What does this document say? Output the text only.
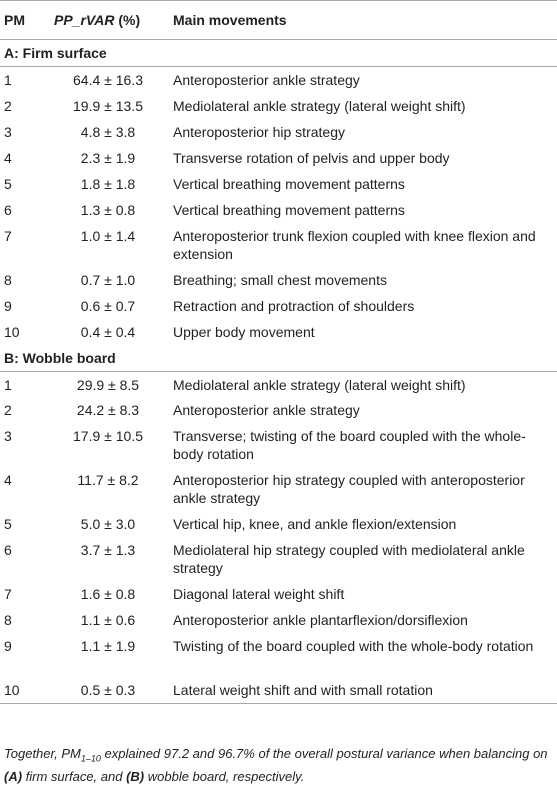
PM	PP_rVAR (%)	Main movements
A: Firm surface		
1	64.4 ± 16.3	Anteroposterior ankle strategy
2	19.9 ± 13.5	Mediolateral ankle strategy (lateral weight shift)
3	4.8 ± 3.8	Anteroposterior hip strategy
4	2.3 ± 1.9	Transverse rotation of pelvis and upper body
5	1.8 ± 1.8	Vertical breathing movement patterns
6	1.3 ± 0.8	Vertical breathing movement patterns
7	1.0 ± 1.4	Anteroposterior trunk flexion coupled with knee flexion and extension
8	0.7 ± 1.0	Breathing; small chest movements
9	0.6 ± 0.7	Retraction and protraction of shoulders
10	0.4 ± 0.4	Upper body movement
B: Wobble board		
1	29.9 ± 8.5	Mediolateral ankle strategy (lateral weight shift)
2	24.2 ± 8.3	Anteroposterior ankle strategy
3	17.9 ± 10.5	Transverse; twisting of the board coupled with the whole-body rotation
4	11.7 ± 8.2	Anteroposterior hip strategy coupled with anteroposterior ankle strategy
5	5.0 ± 3.0	Vertical hip, knee, and ankle flexion/extension
6	3.7 ± 1.3	Mediolateral hip strategy coupled with mediolateral ankle strategy
7	1.6 ± 0.8	Diagonal lateral weight shift
8	1.1 ± 0.6	Anteroposterior ankle plantarflexion/dorsiflexion
9	1.1 ± 1.9	Twisting of the board coupled with the whole-body rotation
10	0.5 ± 0.3	Lateral weight shift and with small rotation
Together, $PM_{1-10}$ explained 97.2 and 96.7% of the overall postural variance when balancing on (A) firm surface, and (B) wobble board, respectively.
